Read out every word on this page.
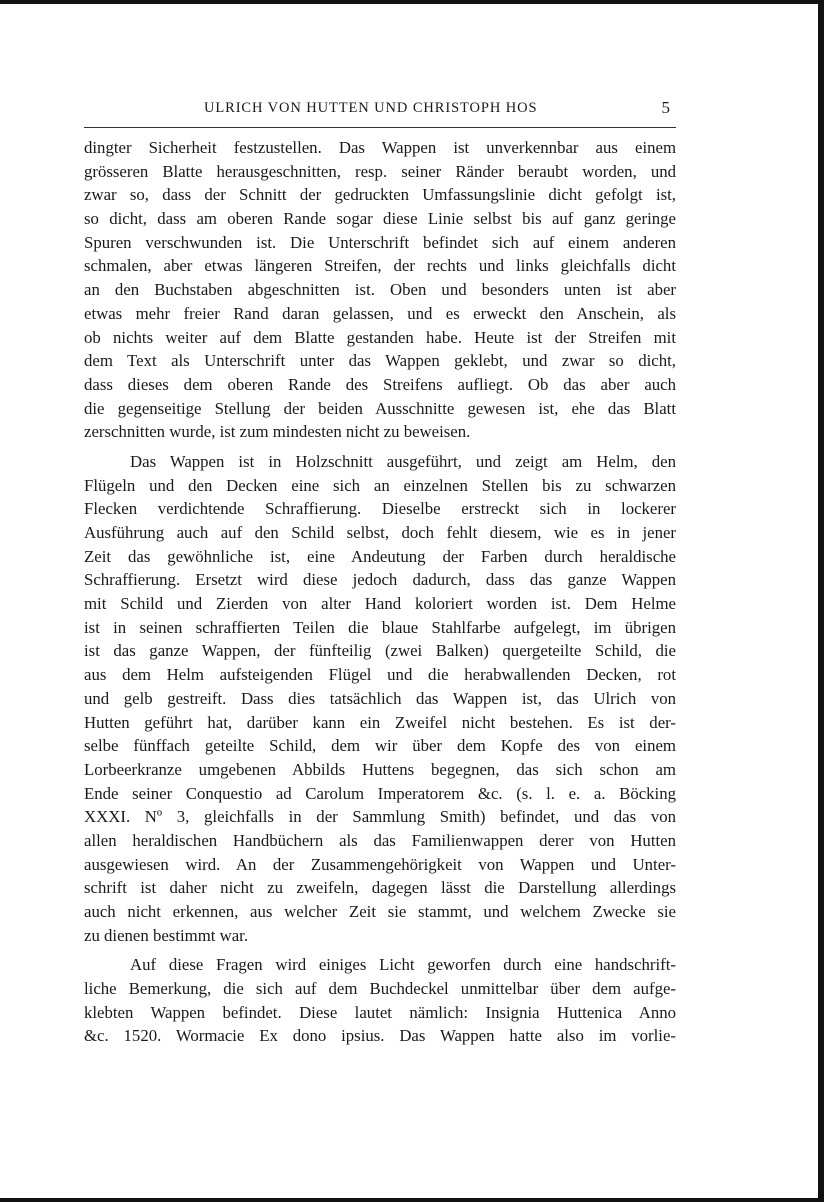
ULRICH VON HUTTEN UND CHRISTOPH HOS	5
dingter Sicherheit festzustellen. Das Wappen ist unverkennbar aus einem
grösseren Blatte herausgeschnitten, resp. seiner Ränder beraubt worden, und
zwar so, dass der Schnitt der gedruckten Umfassungslinie dicht gefolgt ist,
so dicht, dass am oberen Rande sogar diese Linie selbst bis auf ganz geringe
Spuren verschwunden ist. Die Unterschrift befindet sich auf einem anderen
schmalen, aber etwas längeren Streifen, der rechts und links gleichfalls dicht
an den Buchstaben abgeschnitten ist. Oben und besonders unten ist aber
etwas mehr freier Rand daran gelassen, und es erweckt den Anschein, als
ob nichts weiter auf dem Blatte gestanden habe. Heute ist der Streifen mit
dem Text als Unterschrift unter das Wappen geklebt, und zwar so dicht,
dass dieses dem oberen Rande des Streifens aufliegt. Ob das aber auch
die gegenseitige Stellung der beiden Ausschnitte gewesen ist, ehe das Blatt
zerschnitten wurde, ist zum mindesten nicht zu beweisen.
Das Wappen ist in Holzschnitt ausgeführt, und zeigt am Helm, den
Flügeln und den Decken eine sich an einzelnen Stellen bis zu schwarzen
Flecken verdichtende Schraffierung. Dieselbe erstreckt sich in lockerer
Ausführung auch auf den Schild selbst, doch fehlt diesem, wie es in jener
Zeit das gewöhnliche ist, eine Andeutung der Farben durch heraldische
Schraffierung. Ersetzt wird diese jedoch dadurch, dass das ganze Wappen
mit Schild und Zierden von alter Hand koloriert worden ist. Dem Helme
ist in seinen schraffierten Teilen die blaue Stahlfarbe aufgelegt, im übrigen
ist das ganze Wappen, der fünfteilig (zwei Balken) quergeteilte Schild, die
aus dem Helm aufsteigenden Flügel und die herabwallenden Decken, rot
und gelb gestreift. Dass dies tatsächlich das Wappen ist, das Ulrich von
Hutten geführt hat, darüber kann ein Zweifel nicht bestehen. Es ist der-
selbe fünffach geteilte Schild, dem wir über dem Kopfe des von einem
Lorbeerkranze umgebenen Abbilds Huttens begegnen, das sich schon am
Ende seiner Conquestio ad Carolum Imperatorem &c. (s. l. e. a. Böcking
XXXI. Nº 3, gleichfalls in der Sammlung Smith) befindet, und das von
allen heraldischen Handbüchern als das Familienwappen derer von Hutten
ausgewiesen wird. An der Zusammengehörigkeit von Wappen und Unter-
schrift ist daher nicht zu zweifeln, dagegen lässt die Darstellung allerdings
auch nicht erkennen, aus welcher Zeit sie stammt, und welchem Zwecke sie
zu dienen bestimmt war.
Auf diese Fragen wird einiges Licht geworfen durch eine handschrift-
liche Bemerkung, die sich auf dem Buchdeckel unmittelbar über dem aufge-
klebten Wappen befindet. Diese lautet nämlich: Insignia Huttenica Anno
&c. 1520. Wormacie Ex dono ipsius. Das Wappen hatte also im vorlie-
